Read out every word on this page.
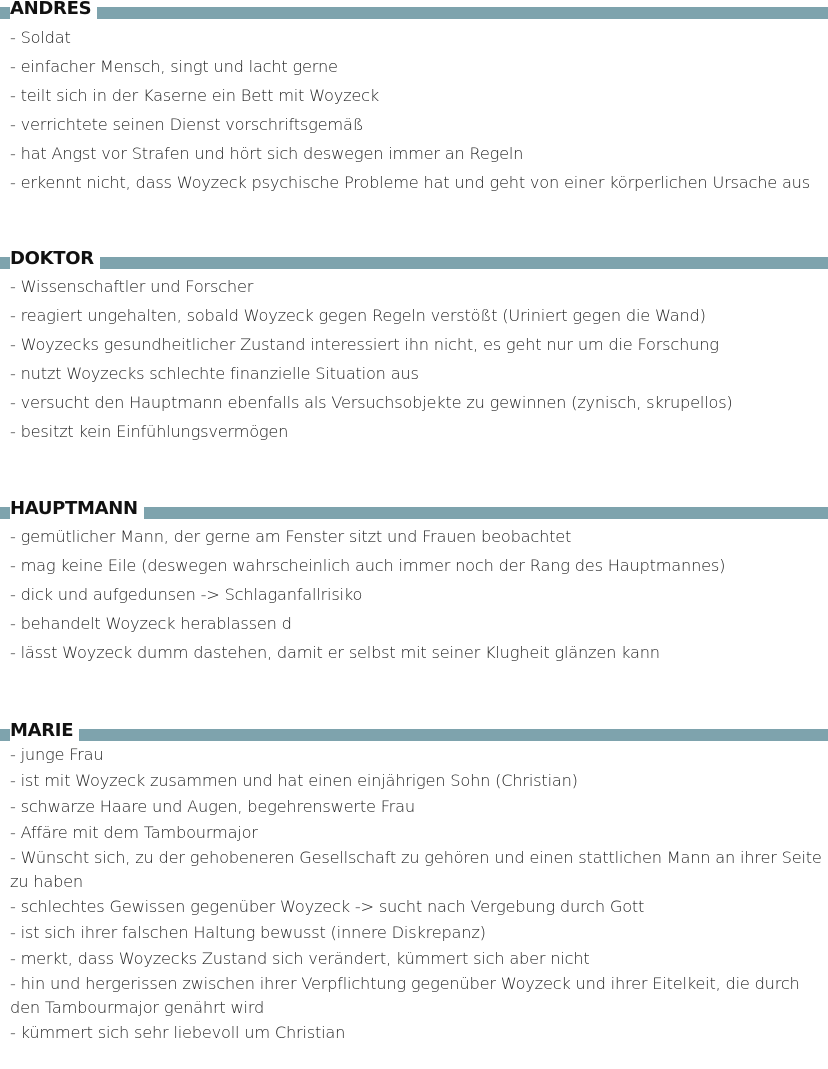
ANDRES
- Soldat
- einfacher Mensch, singt und lacht gerne
- teilt sich in der Kaserne ein Bett mit Woyzeck
- verrichtete seinen Dienst vorschriftsgemäß
- hat Angst vor Strafen und hört sich deswegen immer an Regeln
- erkennt nicht, dass Woyzeck psychische Probleme hat und geht von einer körperlichen Ursache aus
DOKTOR
- Wissenschaftler und Forscher
- reagiert ungehalten, sobald Woyzeck gegen Regeln verstößt (Uriniert gegen die Wand)
- Woyzecks gesundheitlicher Zustand interessiert ihn nicht, es geht nur um die Forschung
- nutzt Woyzecks schlechte finanzielle Situation aus
- versucht den Hauptmann ebenfalls als Versuchsobjekte zu gewinnen (zynisch, skrupellos)
- besitzt kein Einfühlungsvermögen
HAUPTMANN
- gemütlicher Mann, der gerne am Fenster sitzt und Frauen beobachtet
- mag keine Eile (deswegen wahrscheinlich auch immer noch der Rang des Hauptmannes)
- dick und aufgedunsen -> Schlaganfallrisiko
- behandelt Woyzeck herablassen d
- lässt Woyzeck dumm dastehen, damit er selbst mit seiner Klugheit glänzen kann
MARIE
- junge Frau
- ist mit Woyzeck zusammen und hat einen einjährigen Sohn (Christian)
- schwarze Haare und Augen, begehrenswerte Frau
- Affäre mit dem Tambourmajor
- Wünscht sich, zu der gehobeneren Gesellschaft zu gehören und einen stattlichen Mann an ihrer Seite zu haben
- schlechtes Gewissen gegenüber Woyzeck -> sucht nach Vergebung durch Gott
- ist sich ihrer falschen Haltung bewusst (innere Diskrepanz)
- merkt, dass Woyzecks Zustand sich verändert, kümmert sich aber nicht
- hin und hergerissen zwischen ihrer Verpflichtung gegenüber Woyzeck und ihrer Eitelkeit, die durch den Tambourmajor genährt wird
- kümmert sich sehr liebevoll um Christian
